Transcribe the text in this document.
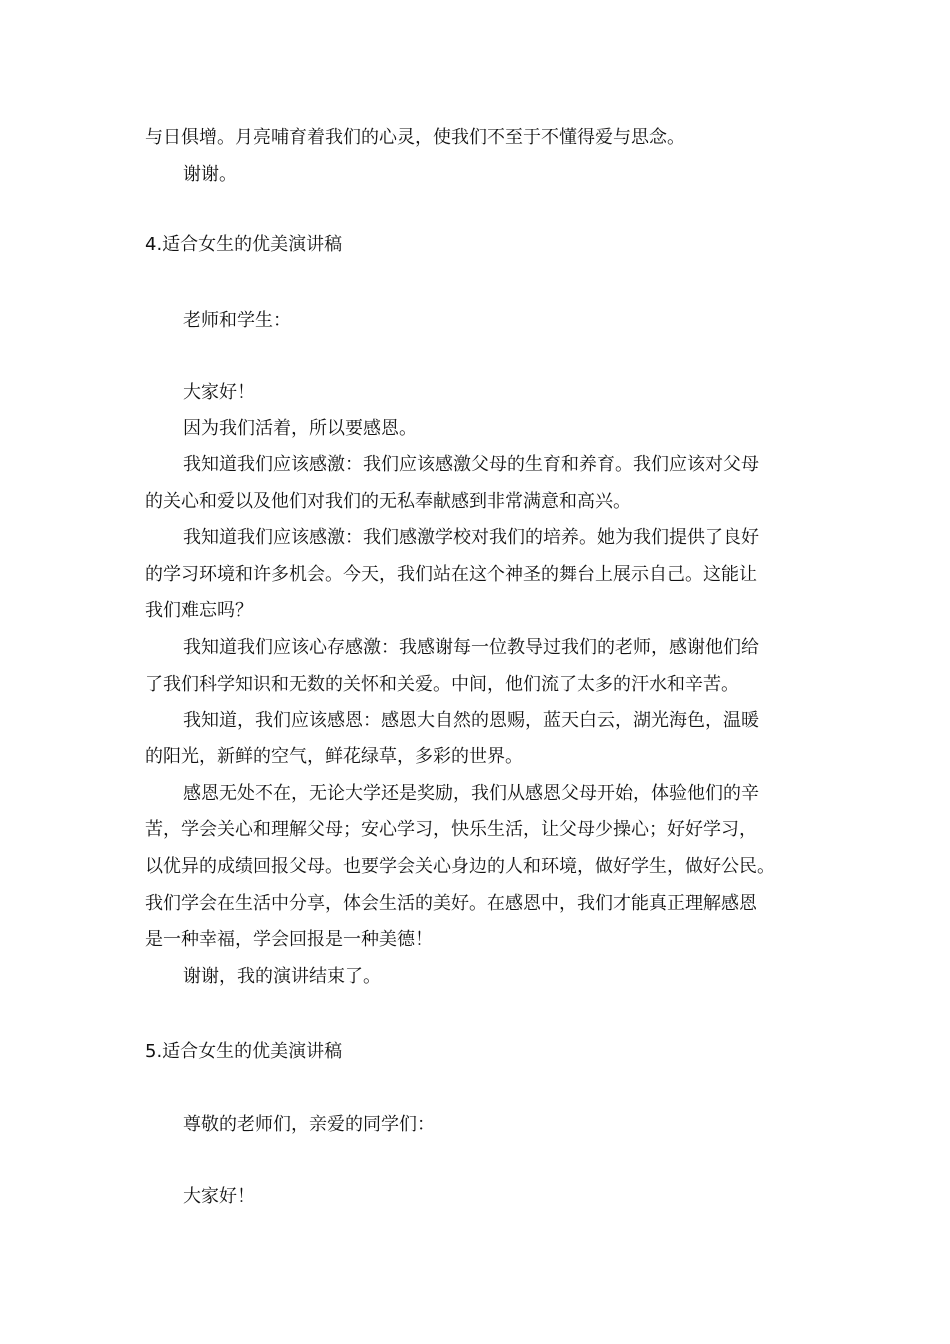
与日俱增。月亮哺育着我们的心灵，使我们不至于不懂得爱与思念。
谢谢。
4.适合女生的优美演讲稿
老师和学生：
大家好！
因为我们活着，所以要感恩。
我知道我们应该感激：我们应该感激父母的生育和养育。我们应该对父母
的关心和爱以及他们对我们的无私奉献感到非常满意和高兴。
我知道我们应该感激：我们感激学校对我们的培养。她为我们提供了良好
的学习环境和许多机会。今天，我们站在这个神圣的舞台上展示自己。这能让
我们难忘吗？
我知道我们应该心存感激：我感谢每一位教导过我们的老师，感谢他们给
了我们科学知识和无数的关怀和关爱。中间，他们流了太多的汗水和辛苦。
我知道，我们应该感恩：感恩大自然的恩赐，蓝天白云，湖光海色，温暖
的阳光，新鲜的空气，鲜花绿草，多彩的世界。
感恩无处不在，无论大学还是奖励，我们从感恩父母开始，体验他们的辛
苦，学会关心和理解父母；安心学习，快乐生活，让父母少操心；好好学习，
以优异的成绩回报父母。也要学会关心身边的人和环境，做好学生，做好公民。
我们学会在生活中分享，体会生活的美好。在感恩中，我们才能真正理解感恩
是一种幸福，学会回报是一种美德！
谢谢，我的演讲结束了。
5.适合女生的优美演讲稿
尊敬的老师们，亲爱的同学们：
大家好！
